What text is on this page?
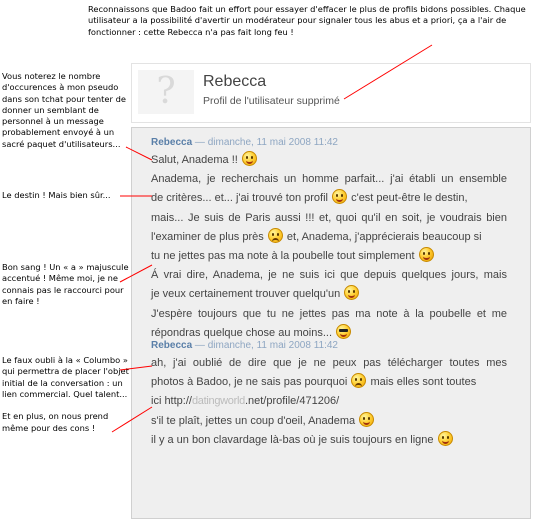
Reconnaissons que Badoo fait un effort pour essayer d'effacer le plus de profils bidons possibles. Chaque utilisateur a la possibilité d'avertir un modérateur pour signaler tous les abus et a priori, ça a l'air de fonctionner : cette Rebecca n'a pas fait long feu !
Vous noterez le nombre d'occurences à mon pseudo dans son tchat pour tenter de donner un semblant de personnel à un message probablement envoyé à un sacré paquet d'utilisateurs...
Le destin ! Mais bien sûr...
Bon sang ! Un « a » majuscule accentué ! Même moi, je ne connais pas le raccourci pour en faire !
Le faux oubli à la « Columbo » qui permettra de placer l'objet initial de la conversation : un lien commercial. Quel talent...

Et en plus, on nous prend même pour des cons !
?	Rebecca
Profil de l'utilisateur supprimé
Rebecca — dimanche, 11 mai 2008 11:42
Salut, Anadema !!
Anadema, je recherchais un homme parfait... j'ai établi un ensemble
de critères... et... j'ai trouvé ton profil c'est peut-être le destin,
mais... Je suis de Paris aussi !!! et, quoi qu'il en soit, je voudrais bien
l'examiner de plus près et, Anadema, j'apprécierais beaucoup si
tu ne jettes pas ma note à la poubelle tout simplement
Á vrai dire, Anadema, je ne suis ici que depuis quelques jours, mais
je veux certainement trouver quelqu'un
J'espère toujours que tu ne jettes pas ma note à la poubelle et me
répondras quelque chose au moins...
Rebecca — dimanche, 11 mai 2008 11:42
ah, j'ai oublié de dire que je ne peux pas télécharger toutes mes
photos à Badoo, je ne sais pas pourquoi mais elles sont toutes
ici http://datingworld.net/profile/471206/
s'il te plaît, jettes un coup d'oeil, Anadema
il y a un bon clavardage là-bas où je suis toujours en ligne
